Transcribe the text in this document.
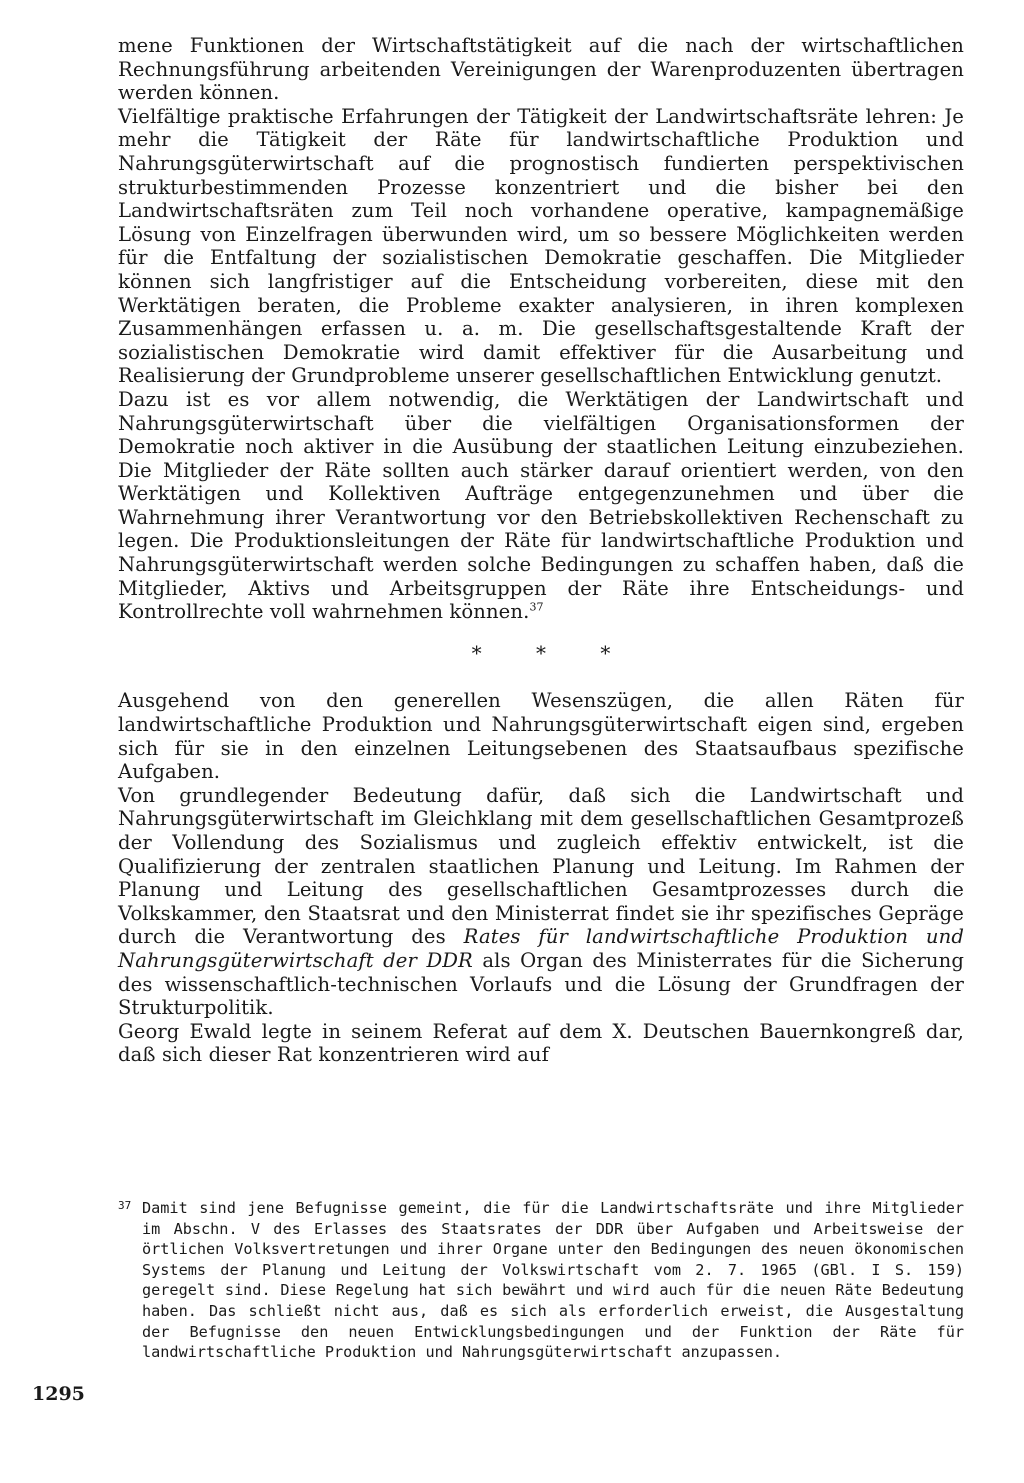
mene Funktionen der Wirtschaftstätigkeit auf die nach der wirtschaftlichen Rechnungsführung arbeitenden Vereinigungen der Warenproduzenten übertragen werden können.

Vielfältige praktische Erfahrungen der Tätigkeit der Landwirtschaftsräte lehren: Je mehr die Tätigkeit der Räte für landwirtschaftliche Produktion und Nahrungsgüterwirtschaft auf die prognostisch fundierten perspektivischen strukturbestimmenden Prozesse konzentriert und die bisher bei den Landwirtschaftsräten zum Teil noch vorhandene operative, kampagnemäßige Lösung von Einzelfragen überwunden wird, um so bessere Möglichkeiten werden für die Entfaltung der sozialistischen Demokratie geschaffen. Die Mitglieder können sich langfristiger auf die Entscheidung vorbereiten, diese mit den Werktätigen beraten, die Probleme exakter analysieren, in ihren komplexen Zusammenhängen erfassen u. a. m. Die gesellschaftsgestaltende Kraft der sozialistischen Demokratie wird damit effektiver für die Ausarbeitung und Realisierung der Grundprobleme unserer gesellschaftlichen Entwicklung genutzt.

Dazu ist es vor allem notwendig, die Werktätigen der Landwirtschaft und Nahrungsgüterwirtschaft über die vielfältigen Organisationsformen der Demokratie noch aktiver in die Ausübung der staatlichen Leitung einzubeziehen. Die Mitglieder der Räte sollten auch stärker darauf orientiert werden, von den Werktätigen und Kollektiven Aufträge entgegenzunehmen und über die Wahrnehmung ihrer Verantwortung vor den Betriebskollektiven Rechenschaft zu legen. Die Produktionsleitungen der Räte für landwirtschaftliche Produktion und Nahrungsgüterwirtschaft werden solche Bedingungen zu schaffen haben, daß die Mitglieder, Aktivs und Arbeitsgruppen der Räte ihre Entscheidungs- und Kontrollrechte voll wahrnehmen können.$^{37}$

* * *

Ausgehend von den generellen Wesenszügen, die allen Räten für landwirtschaftliche Produktion und Nahrungsgüterwirtschaft eigen sind, ergeben sich für sie in den einzelnen Leitungsebenen des Staatsaufbaus spezifische Aufgaben.

Von grundlegender Bedeutung dafür, daß sich die Landwirtschaft und Nahrungsgüterwirtschaft im Gleichklang mit dem gesellschaftlichen Gesamtprozeß der Vollendung des Sozialismus und zugleich effektiv entwickelt, ist die Qualifizierung der zentralen staatlichen Planung und Leitung. Im Rahmen der Planung und Leitung des gesellschaftlichen Gesamtprozesses durch die Volkskammer, den Staatsrat und den Ministerrat findet sie ihr spezifisches Gepräge durch die Verantwortung des Rates für landwirtschaftliche Produktion und Nahrungsgüterwirtschaft der DDR als Organ des Ministerrates für die Sicherung des wissenschaftlich-technischen Vorlaufs und die Lösung der Grundfragen der Strukturpolitik.

Georg Ewald legte in seinem Referat auf dem X. Deutschen Bauernkongreß dar, daß sich dieser Rat konzentrieren wird auf

37 Damit sind jene Befugnisse gemeint, die für die Landwirtschaftsräte und ihre Mitglieder im Abschn. V des Erlasses des Staatsrates der DDR über Aufgaben und Arbeitsweise der örtlichen Volksvertretungen und ihrer Organe unter den Bedingungen des neuen ökonomischen Systems der Planung und Leitung der Volkswirtschaft vom 2. 7. 1965 (GBl. I S. 159) geregelt sind. Diese Regelung hat sich bewährt und wird auch für die neuen Räte Bedeutung haben. Das schließt nicht aus, daß es sich als erforderlich erweist, die Ausgestaltung der Befugnisse den neuen Entwicklungsbedingungen und der Funktion der Räte für landwirtschaftliche Produktion und Nahrungsgüterwirtschaft anzupassen.
1295
